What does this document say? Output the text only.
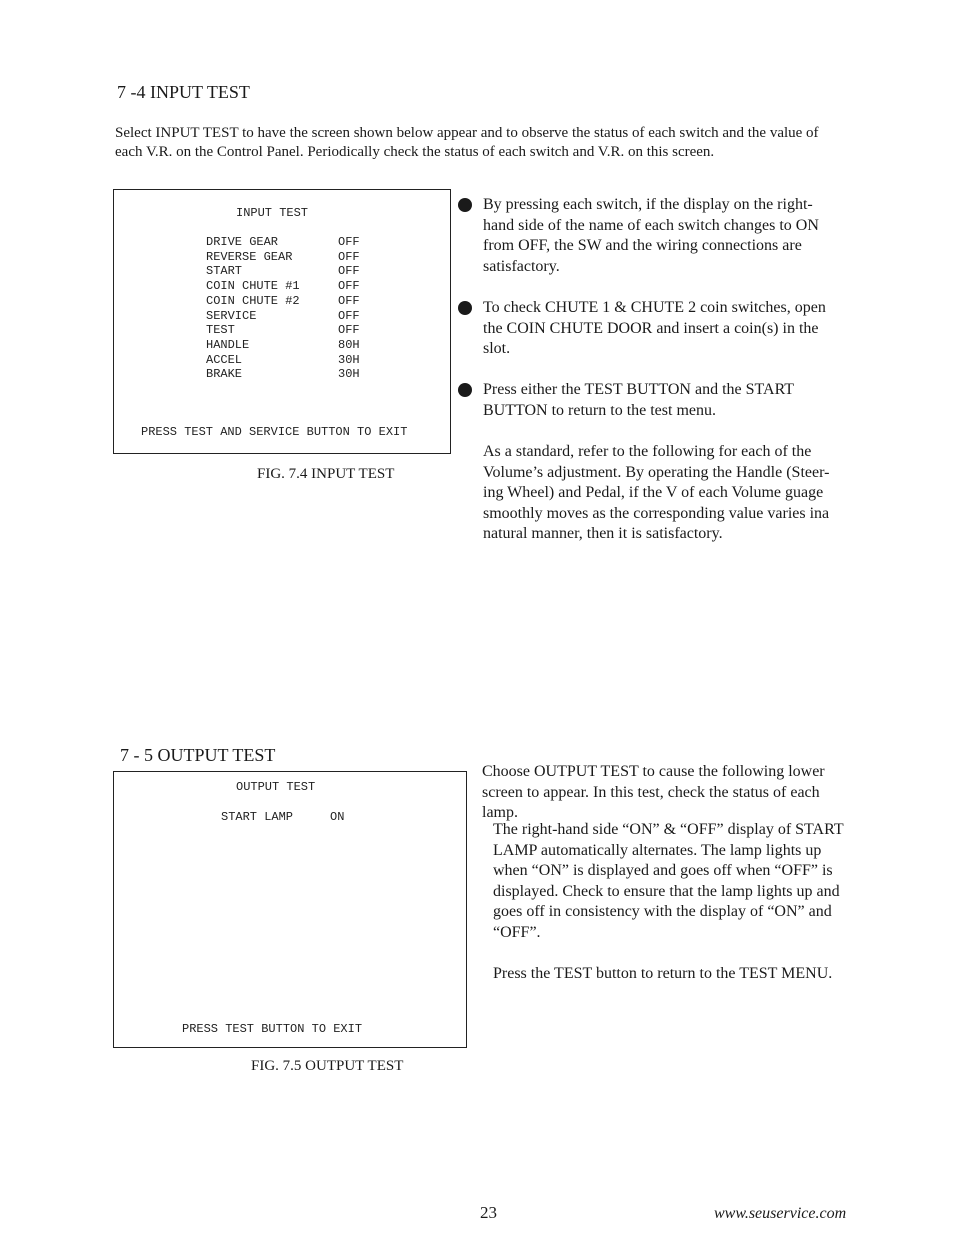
7 -4 INPUT TEST
Select INPUT TEST to have the screen shown below appear and to observe the status of each switch and the value of
each V.R. on the Control Panel. Periodically check the status of each switch and V.R. on this screen.
INPUT TEST
DRIVE GEAR	OFF
REVERSE GEAR	OFF
START	OFF
COIN CHUTE #1	OFF
COIN CHUTE #2	OFF
SERVICE	OFF
TEST	OFF
HANDLE	80H
ACCEL	30H
BRAKE	30H
PRESS TEST AND SERVICE BUTTON TO EXIT
FIG. 7.4 INPUT TEST
By pressing each switch, if the display on the right-
hand side of the name of each switch changes to ON
from OFF, the SW and the wiring connections are
satisfactory.
To check CHUTE 1 & CHUTE 2 coin switches, open
the COIN CHUTE DOOR and insert a coin(s) in the
slot.
Press either the TEST BUTTON and the START
BUTTON to return to the test menu.
As a standard, refer to the following for each of the
Volume’s adjustment. By operating the Handle (Steer-
ing Wheel) and Pedal, if the V of each Volume guage
smoothly moves as the corresponding value varies ina
natural manner, then it is satisfactory.
7 - 5 OUTPUT TEST
OUTPUT TEST
START LAMP	ON
PRESS TEST BUTTON TO EXIT
FIG. 7.5 OUTPUT TEST
Choose OUTPUT TEST to cause the following lower
screen to appear. In this test, check the status of each
lamp.
The right-hand side “ON” & “OFF” display of START
LAMP automatically alternates. The lamp lights up
when “ON” is displayed and goes off when “OFF” is
displayed. Check to ensure that the lamp lights up and
goes off in consistency with the display of “ON” and
“OFF”.
Press the TEST button to return to the TEST MENU.
23	www.seuservice.com
